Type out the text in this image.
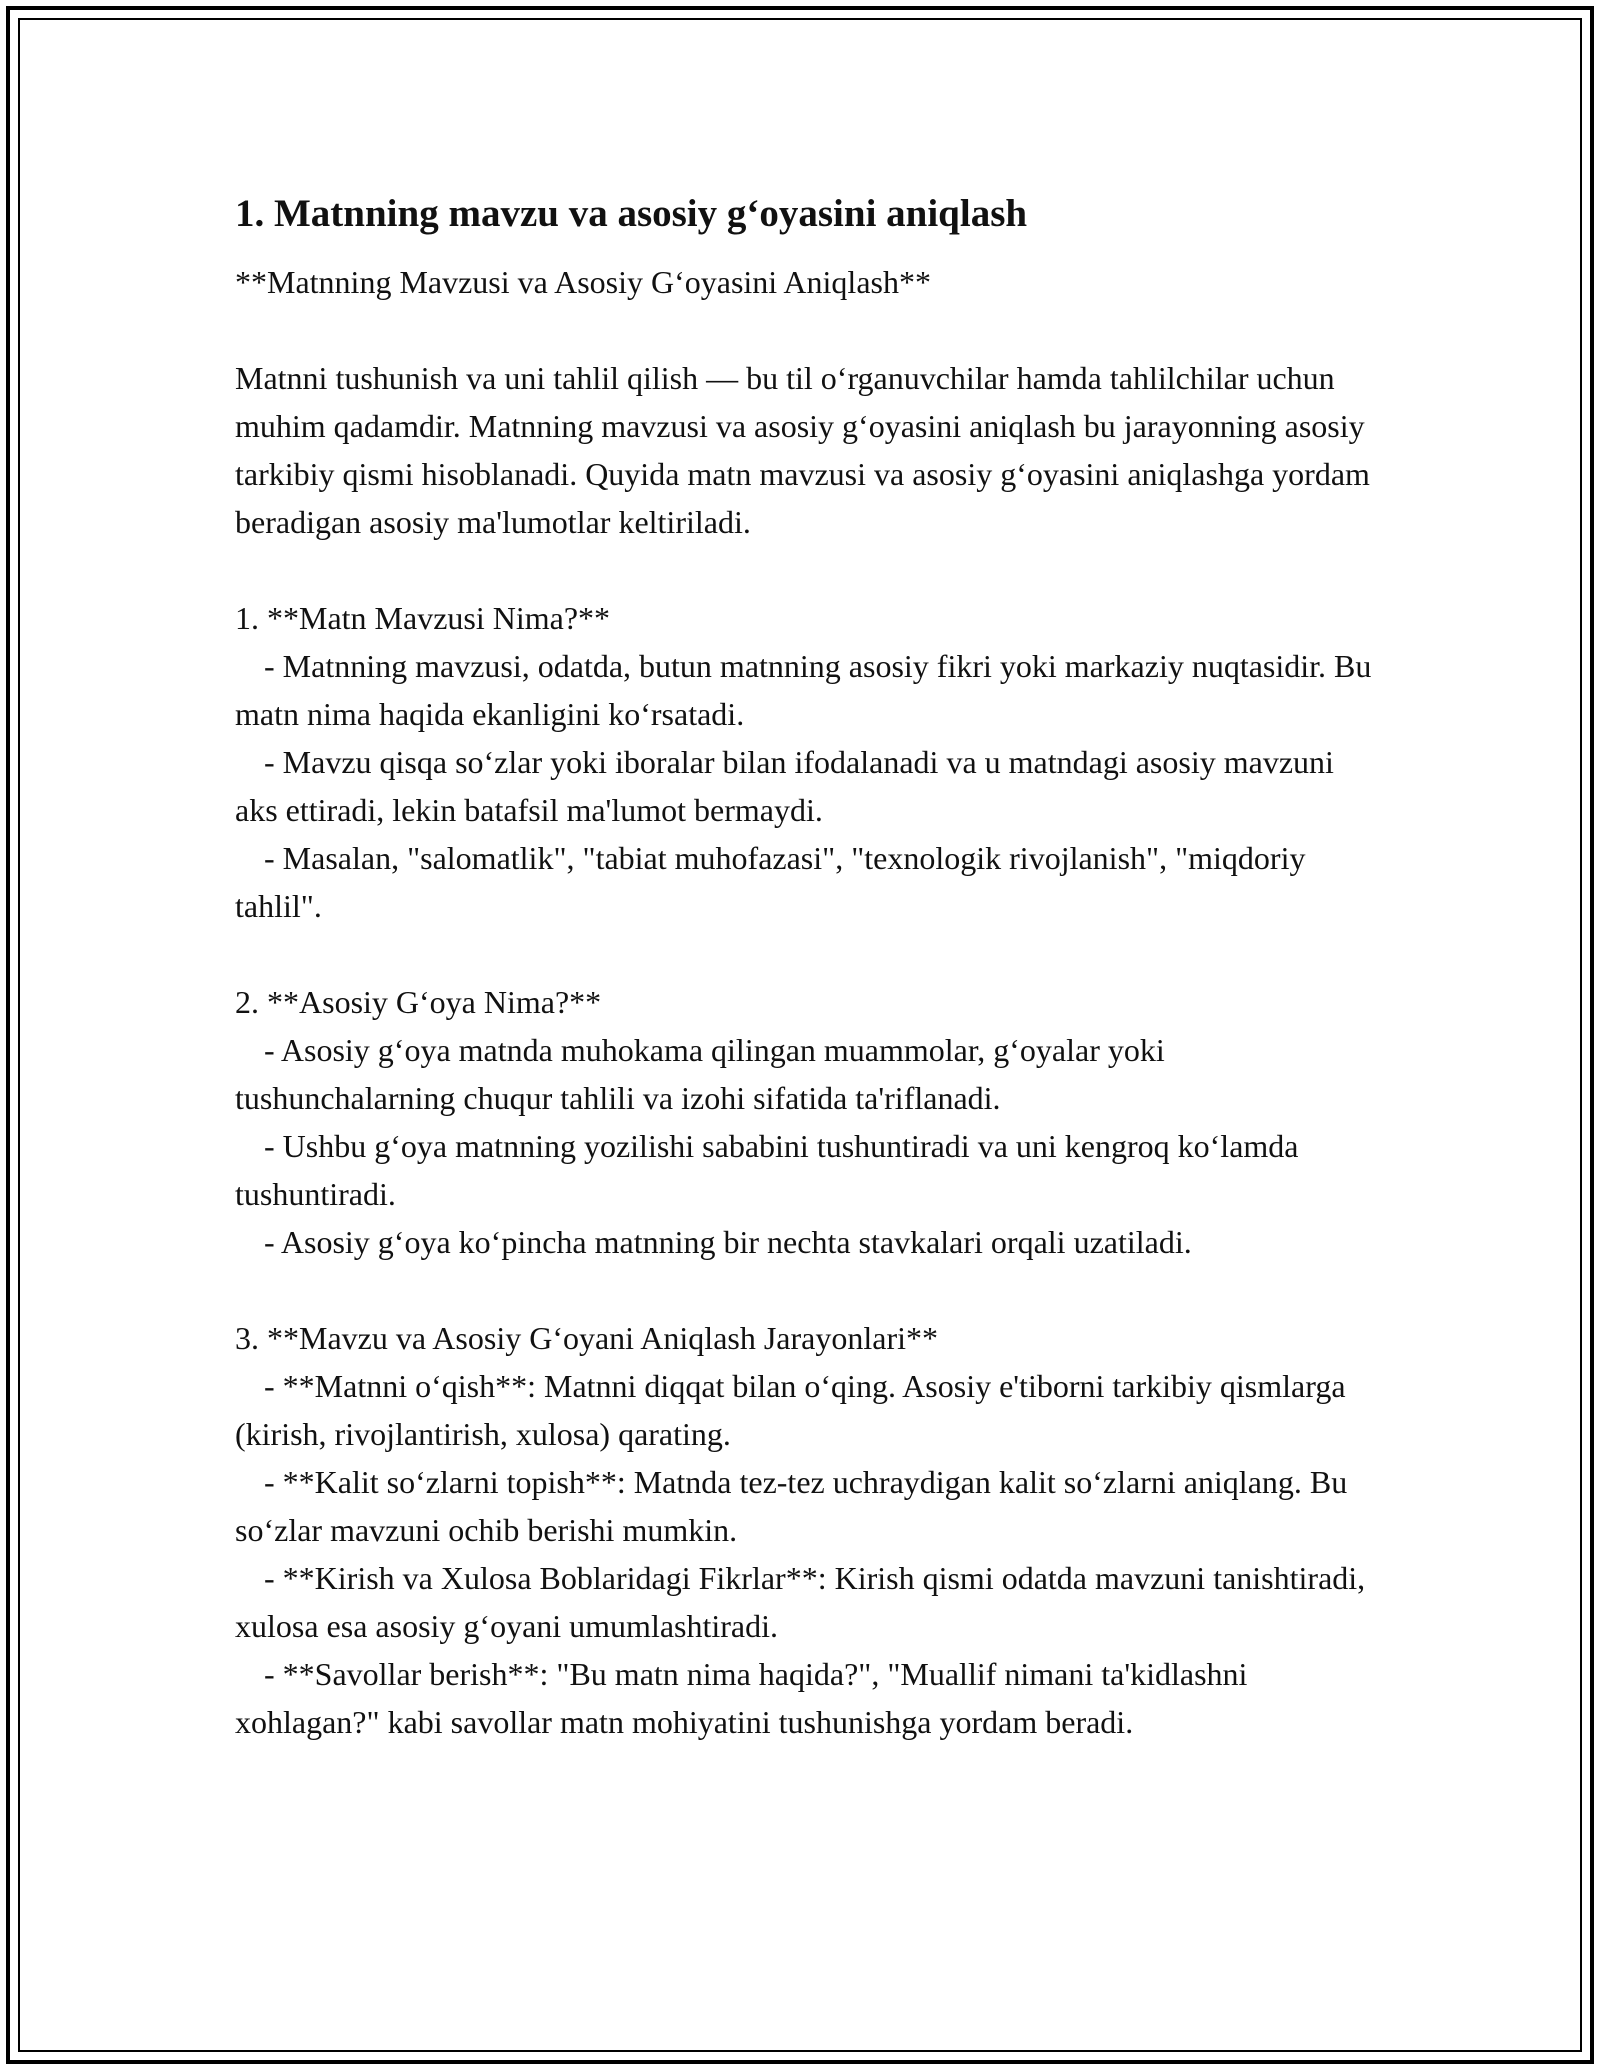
1. Matnning mavzu va asosiy g‘oyasini aniqlash

**Matnning Mavzusi va Asosiy G‘oyasini Aniqlash**

Matnni tushunish va uni tahlil qilish — bu til o‘rganuvchilar hamda tahlilchilar uchun muhim qadamdir. Matnning mavzusi va asosiy g‘oyasini aniqlash bu jarayonning asosiy tarkibiy qismi hisoblanadi. Quyida matn mavzusi va asosiy g‘oyasini aniqlashga yordam beradigan asosiy ma'lumotlar keltiriladi.

1. **Matn Mavzusi Nima?**

- Matnning mavzusi, odatda, butun matnning asosiy fikri yoki markaziy nuqtasidir. Bu matn nima haqida ekanligini ko‘rsatadi.

- Mavzu qisqa so‘zlar yoki iboralar bilan ifodalanadi va u matndagi asosiy mavzuni aks ettiradi, lekin batafsil ma'lumot bermaydi.

- Masalan, "salomatlik", "tabiat muhofazasi", "texnologik rivojlanish", "miqdoriy tahlil".

2. **Asosiy G‘oya Nima?**

- Asosiy g‘oya matnda muhokama qilingan muammolar, g‘oyalar yoki tushunchalarning chuqur tahlili va izohi sifatida ta'riflanadi.

- Ushbu g‘oya matnning yozilishi sababini tushuntiradi va uni kengroq ko‘lamda tushuntiradi.

- Asosiy g‘oya ko‘pincha matnning bir nechta stavkalari orqali uzatiladi.

3. **Mavzu va Asosiy G‘oyani Aniqlash Jarayonlari**

- **Matnni o‘qish**: Matnni diqqat bilan o‘qing. Asosiy e'tiborni tarkibiy qismlarga (kirish, rivojlantirish, xulosa) qarating.

- **Kalit so‘zlarni topish**: Matnda tez-tez uchraydigan kalit so‘zlarni aniqlang. Bu so‘zlar mavzuni ochib berishi mumkin.

- **Kirish va Xulosa Boblaridagi Fikrlar**: Kirish qismi odatda mavzuni tanishtiradi, xulosa esa asosiy g‘oyani umumlashtiradi.

- **Savollar berish**: "Bu matn nima haqida?", "Muallif nimani ta'kidlashni xohlagan?" kabi savollar matn mohiyatini tushunishga yordam beradi.
